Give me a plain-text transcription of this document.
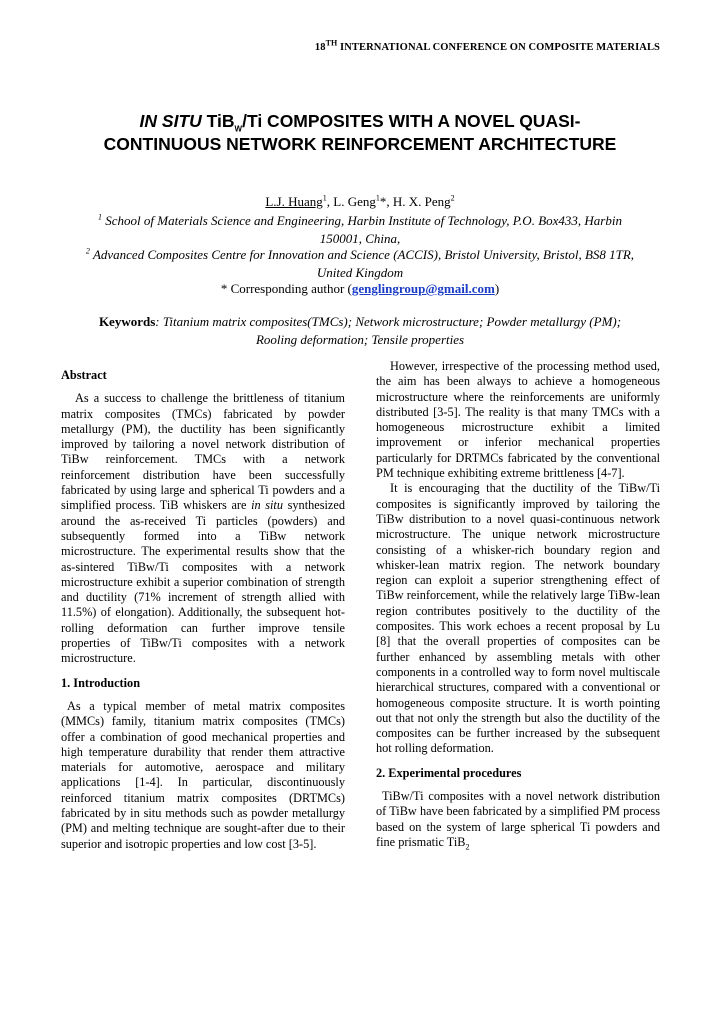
18TH INTERNATIONAL CONFERENCE ON COMPOSITE MATERIALS
IN SITU TiB$_W$/Ti COMPOSITES WITH A NOVEL QUASI-CONTINUOUS NETWORK REINFORCEMENT ARCHITECTURE
L.J. Huang$^1$, L. Geng$^1$*, H. X. Peng$^2$
$^1$ School of Materials Science and Engineering, Harbin Institute of Technology, P.O. Box433, Harbin 150001, China,
$^2$ Advanced Composites Centre for Innovation and Science (ACCIS), Bristol University, Bristol, BS8 1TR, United Kingdom
* Corresponding author (genglingroup@gmail.com)
Keywords: Titanium matrix composites(TMCs); Network microstructure; Powder metallurgy (PM); Rooling deformation; Tensile properties

Abstract

As a success to challenge the brittleness of titanium matrix composites (TMCs) fabricated by powder metallurgy (PM), the ductility has been significantly improved by tailoring a novel network distribution of TiBw reinforcement. TMCs with a network reinforcement distribution have been successfully fabricated by using large and spherical Ti powders and a simplified process. TiB whiskers are in situ synthesized around the as-received Ti particles (powders) and subsequently formed into a TiBw network microstructure. The experimental results show that the as-sintered TiBw/Ti composites with a network microstructure exhibit a superior combination of strength and ductility (71% increment of strength allied with 11.5%) of elongation). Additionally, the subsequent hot-rolling deformation can further improve tensile properties of TiBw/Ti composites with a network microstructure.

1. Introduction

As a typical member of metal matrix composites (MMCs) family, titanium matrix composites (TMCs) offer a combination of good mechanical properties and high temperature durability that render them attractive materials for automotive, aerospace and military applications [1-4]. In particular, discontinuously reinforced titanium matrix composites (DRTMCs) fabricated by in situ methods such as powder metallurgy (PM) and melting technique are sought-after due to their superior and isotropic properties and low cost [3-5].

However, irrespective of the processing method used, the aim has been always to achieve a homogeneous microstructure where the reinforcements are uniformly distributed [3-5]. The reality is that many TMCs with a homogeneous microstructure exhibit a limited improvement or inferior mechanical properties particularly for DRTMCs fabricated by the conventional PM technique exhibiting extreme brittleness [4-7].

It is encouraging that the ductility of the TiBw/Ti composites is significantly improved by tailoring the TiBw distribution to a novel quasi-continuous network microstructure. The unique network microstructure consisting of a whisker-rich boundary region and whisker-lean matrix region. The network boundary region can exploit a superior strengthening effect of TiBw reinforcement, while the relatively large TiBw-lean region contributes positively to the ductility of the composites. This work echoes a recent proposal by Lu [8] that the overall properties of composites can be further enhanced by assembling metals with other components in a controlled way to form novel multiscale hierarchical structures, compared with a conventional or homogeneous composite structure. It is worth pointing out that not only the strength but also the ductility of the composites can be further increased by the subsequent hot rolling deformation.

2. Experimental procedures

TiBw/Ti composites with a novel network distribution of TiBw have been fabricated by a simplified PM process based on the system of large spherical Ti powders and fine prismatic TiB$_2$
